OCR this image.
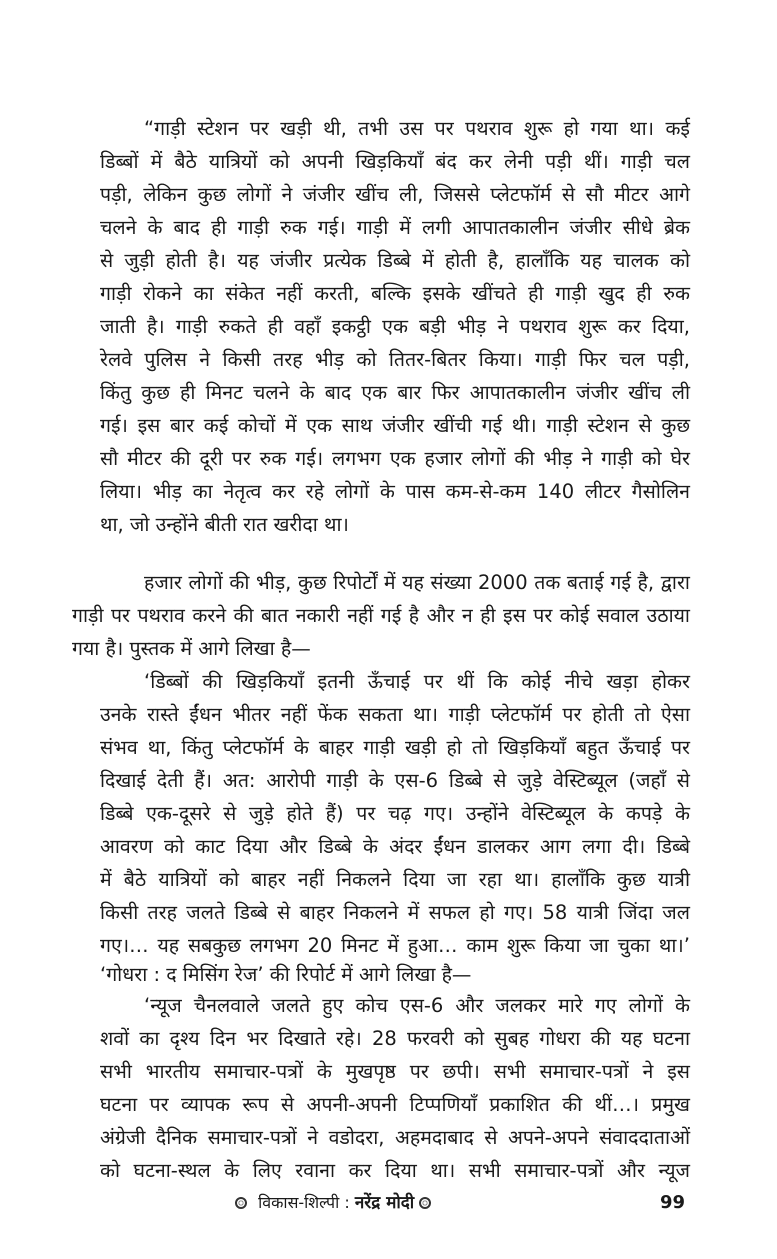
“गाड़ी स्टेशन पर खड़ी थी, तभी उस पर पथराव शुरू हो गया था। कई
डिब्बों में बैठे यात्रियों को अपनी खिड़कियाँ बंद कर लेनी पड़ी थीं। गाड़ी चल
पड़ी, लेकिन कुछ लोगों ने जंजीर खींच ली, जिससे प्लेटफॉर्म से सौ मीटर आगे
चलने के बाद ही गाड़ी रुक गई। गाड़ी में लगी आपातकालीन जंजीर सीधे ब्रेक
से जुड़ी होती है। यह जंजीर प्रत्येक डिब्बे में होती है, हालाँकि यह चालक को
गाड़ी रोकने का संकेत नहीं करती, बल्कि इसके खींचते ही गाड़ी खुद ही रुक
जाती है। गाड़ी रुकते ही वहाँ इकट्ठी एक बड़ी भीड़ ने पथराव शुरू कर दिया,
रेलवे पुलिस ने किसी तरह भीड़ को तितर-बितर किया। गाड़ी फिर चल पड़ी,
किंतु कुछ ही मिनट चलने के बाद एक बार फिर आपातकालीन जंजीर खींच ली
गई। इस बार कई कोचों में एक साथ जंजीर खींची गई थी। गाड़ी स्टेशन से कुछ
सौ मीटर की दूरी पर रुक गई। लगभग एक हजार लोगों की भीड़ ने गाड़ी को घेर
लिया। भीड़ का नेतृत्व कर रहे लोगों के पास कम-से-कम 140 लीटर गैसोलिन
था, जो उन्होंने बीती रात खरीदा था।
हजार लोगों की भीड़, कुछ रिपोर्टों में यह संख्या 2000 तक बताई गई है, द्वारा
गाड़ी पर पथराव करने की बात नकारी नहीं गई है और न ही इस पर कोई सवाल उठाया
गया है। पुस्तक में आगे लिखा है—
‘डिब्बों की खिड़कियाँ इतनी ऊँचाई पर थीं कि कोई नीचे खड़ा होकर
उनके रास्ते ईंधन भीतर नहीं फेंक सकता था। गाड़ी प्लेटफॉर्म पर होती तो ऐसा
संभव था, किंतु प्लेटफॉर्म के बाहर गाड़ी खड़ी हो तो खिड़कियाँ बहुत ऊँचाई पर
दिखाई देती हैं। अत: आरोपी गाड़ी के एस-6 डिब्बे से जुड़े वेस्टिब्यूल (जहाँ से
डिब्बे एक-दूसरे से जुड़े होते हैं) पर चढ़ गए। उन्होंने वेस्टिब्यूल के कपड़े के
आवरण को काट दिया और डिब्बे के अंदर ईंधन डालकर आग लगा दी। डिब्बे
में बैठे यात्रियों को बाहर नहीं निकलने दिया जा रहा था। हालाँकि कुछ यात्री
किसी तरह जलते डिब्बे से बाहर निकलने में सफल हो गए। 58 यात्री जिंदा जल
गए।… यह सबकुछ लगभग 20 मिनट में हुआ… काम शुरू किया जा चुका था।’
‘गोधरा : द मिसिंग रेज’ की रिपोर्ट में आगे लिखा है—
‘न्यूज चैनलवाले जलते हुए कोच एस-6 और जलकर मारे गए लोगों के
शवों का दृश्य दिन भर दिखाते रहे। 28 फरवरी को सुबह गोधरा की यह घटना
सभी भारतीय समाचार-पत्रों के मुखपृष्ठ पर छपी। सभी समाचार-पत्रों ने इस
घटना पर व्यापक रूप से अपनी-अपनी टिप्पणियाँ प्रकाशित की थीं…। प्रमुख
अंग्रेजी दैनिक समाचार-पत्रों ने वडोदरा, अहमदाबाद से अपने-अपने संवाददाताओं
को घटना-स्थल के लिए रवाना कर दिया था। सभी समाचार-पत्रों और न्यूज
विकास-शिल्पी : नरेंद्र मोदी	99
